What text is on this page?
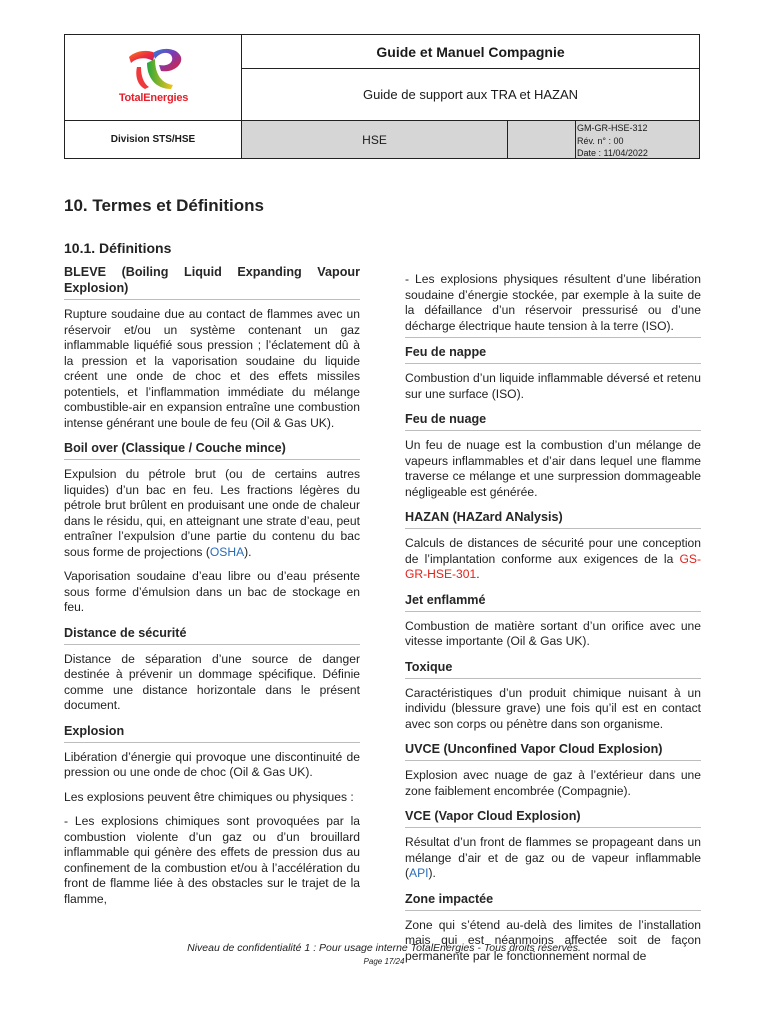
TotalEnergies
Guide et Manuel Compagnie
Guide de support aux TRA et HAZAN
Division STS/HSE	HSE
GM-GR-HSE-312
Rév. n° : 00
Date : 11/04/2022
10. Termes et Définitions
10.1. Définitions
BLEVE (Boiling Liquid Expanding Vapour Explosion)
Rupture soudaine due au contact de flammes avec un réservoir et/ou un système contenant un gaz inflammable liquéfié sous pression ; l’éclatement dû à la pression et la vaporisation soudaine du liquide créent une onde de choc et des effets missiles potentiels, et l’inflammation immédiate du mélange combustible-air en expansion entraîne une combustion intense générant une boule de feu (Oil & Gas UK).
Boil over (Classique / Couche mince)
Expulsion du pétrole brut (ou de certains autres liquides) d’un bac en feu. Les fractions légères du pétrole brut brûlent en produisant une onde de chaleur dans le résidu, qui, en atteignant une strate d’eau, peut entraîner l’expulsion d’une partie du contenu du bac sous forme de projections (OSHA).
Vaporisation soudaine d’eau libre ou d’eau présente sous forme d’émulsion dans un bac de stockage en feu.
Distance de sécurité
Distance de séparation d’une source de danger destinée à prévenir un dommage spécifique. Définie comme une distance horizontale dans le présent document.
Explosion
Libération d’énergie qui provoque une discontinuité de pression ou une onde de choc (Oil & Gas UK).
Les explosions peuvent être chimiques ou physiques :
- Les explosions chimiques sont provoquées par la combustion violente d’un gaz ou d’un brouillard inflammable qui génère des effets de pression dus au confinement de la combustion et/ou à l’accélération du front de flamme liée à des obstacles sur le trajet de la flamme,
- Les explosions physiques résultent d’une libération soudaine d’énergie stockée, par exemple à la suite de la défaillance d’un réservoir pressurisé ou d’une décharge électrique haute tension à la terre (ISO).
Feu de nappe
Combustion d’un liquide inflammable déversé et retenu sur une surface (ISO).
Feu de nuage
Un feu de nuage est la combustion d’un mélange de vapeurs inflammables et d’air dans lequel une flamme traverse ce mélange et une surpression dommageable négligeable est générée.
HAZAN (HAZard ANalysis)
Calculs de distances de sécurité pour une conception de l’implantation conforme aux exigences de la GS-GR-HSE-301.
Jet enflammé
Combustion de matière sortant d’un orifice avec une vitesse importante (Oil & Gas UK).
Toxique
Caractéristiques d’un produit chimique nuisant à un individu (blessure grave) une fois qu’il est en contact avec son corps ou pénètre dans son organisme.
UVCE (Unconfined Vapor Cloud Explosion)
Explosion avec nuage de gaz à l’extérieur dans une zone faiblement encombrée (Compagnie).
VCE (Vapor Cloud Explosion)
Résultat d’un front de flammes se propageant dans un mélange d’air et de gaz ou de vapeur inflammable (API).
Zone impactée
Zone qui s’étend au-delà des limites de l’installation mais qui est néanmoins affectée soit de façon permanente par le fonctionnement normal de
Niveau de confidentialité 1 : Pour usage interne TotalEnergies - Tous droits réservés.
Page 17/24
